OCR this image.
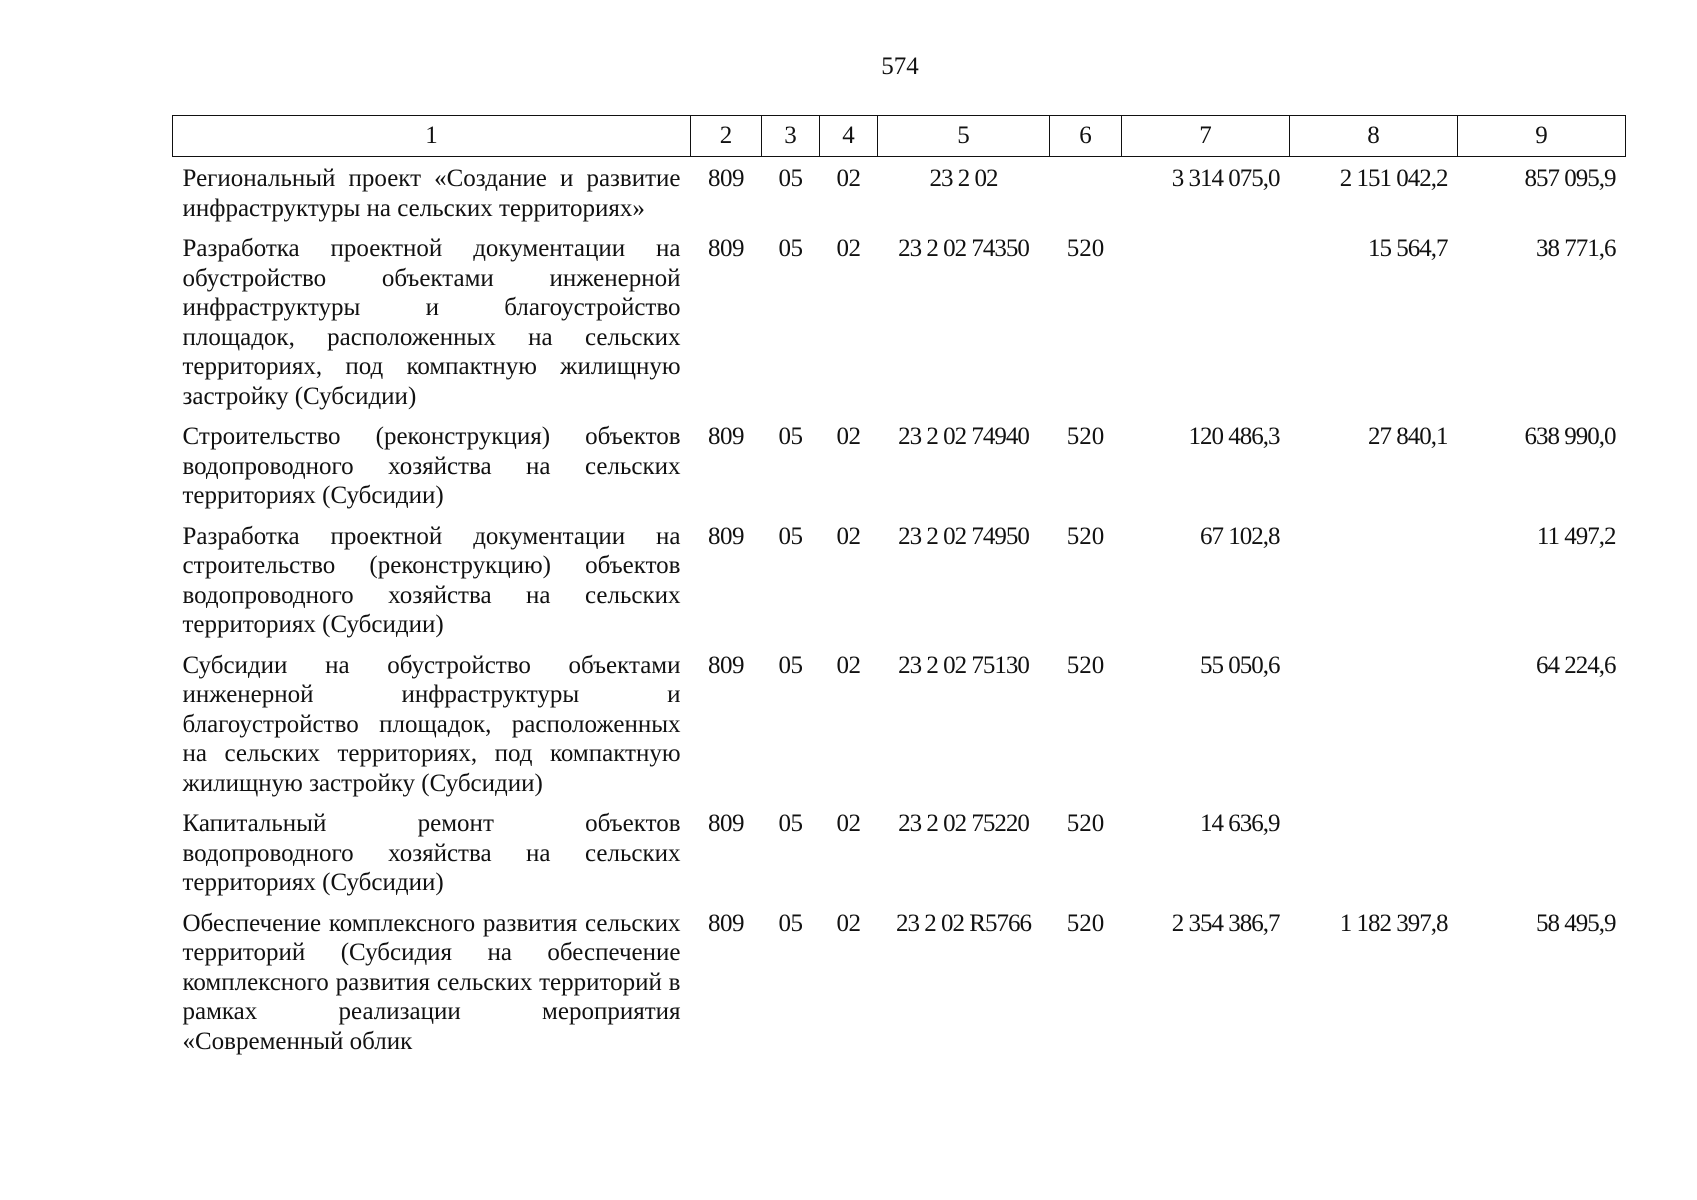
574
1	2	3	4	5	6	7	8	9
Региональный проект «Создание и развитие инфраструктуры на сельских территориях»	809	05	02	23 2 02		3 314 075,0	2 151 042,2	857 095,9
Разработка проектной документации на обустройство объектами инженерной инфраструктуры и благоустройство площадок, расположенных на сельских территориях, под компактную жилищную застройку (Субсидии)	809	05	02	23 2 02 74350	520		15 564,7	38 771,6
Строительство (реконструкция) объектов водопроводного хозяйства на сельских территориях (Субсидии)	809	05	02	23 2 02 74940	520	120 486,3	27 840,1	638 990,0
Разработка проектной документации на строительство (реконструкцию) объектов водопроводного хозяйства на сельских территориях (Субсидии)	809	05	02	23 2 02 74950	520	67 102,8		11 497,2
Субсидии на обустройство объектами инженерной инфраструктуры и благоустройство площадок, расположенных на сельских территориях, под компактную жилищную застройку (Субсидии)	809	05	02	23 2 02 75130	520	55 050,6		64 224,6
Капитальный ремонт объектов водопроводного хозяйства на сельских территориях (Субсидии)	809	05	02	23 2 02 75220	520	14 636,9		
Обеспечение комплексного развития сельских территорий (Субсидия на обеспечение комплексного развития сельских территорий в рамках реализации мероприятия «Современный облик	809	05	02	23 2 02 R5766	520	2 354 386,7	1 182 397,8	58 495,9
